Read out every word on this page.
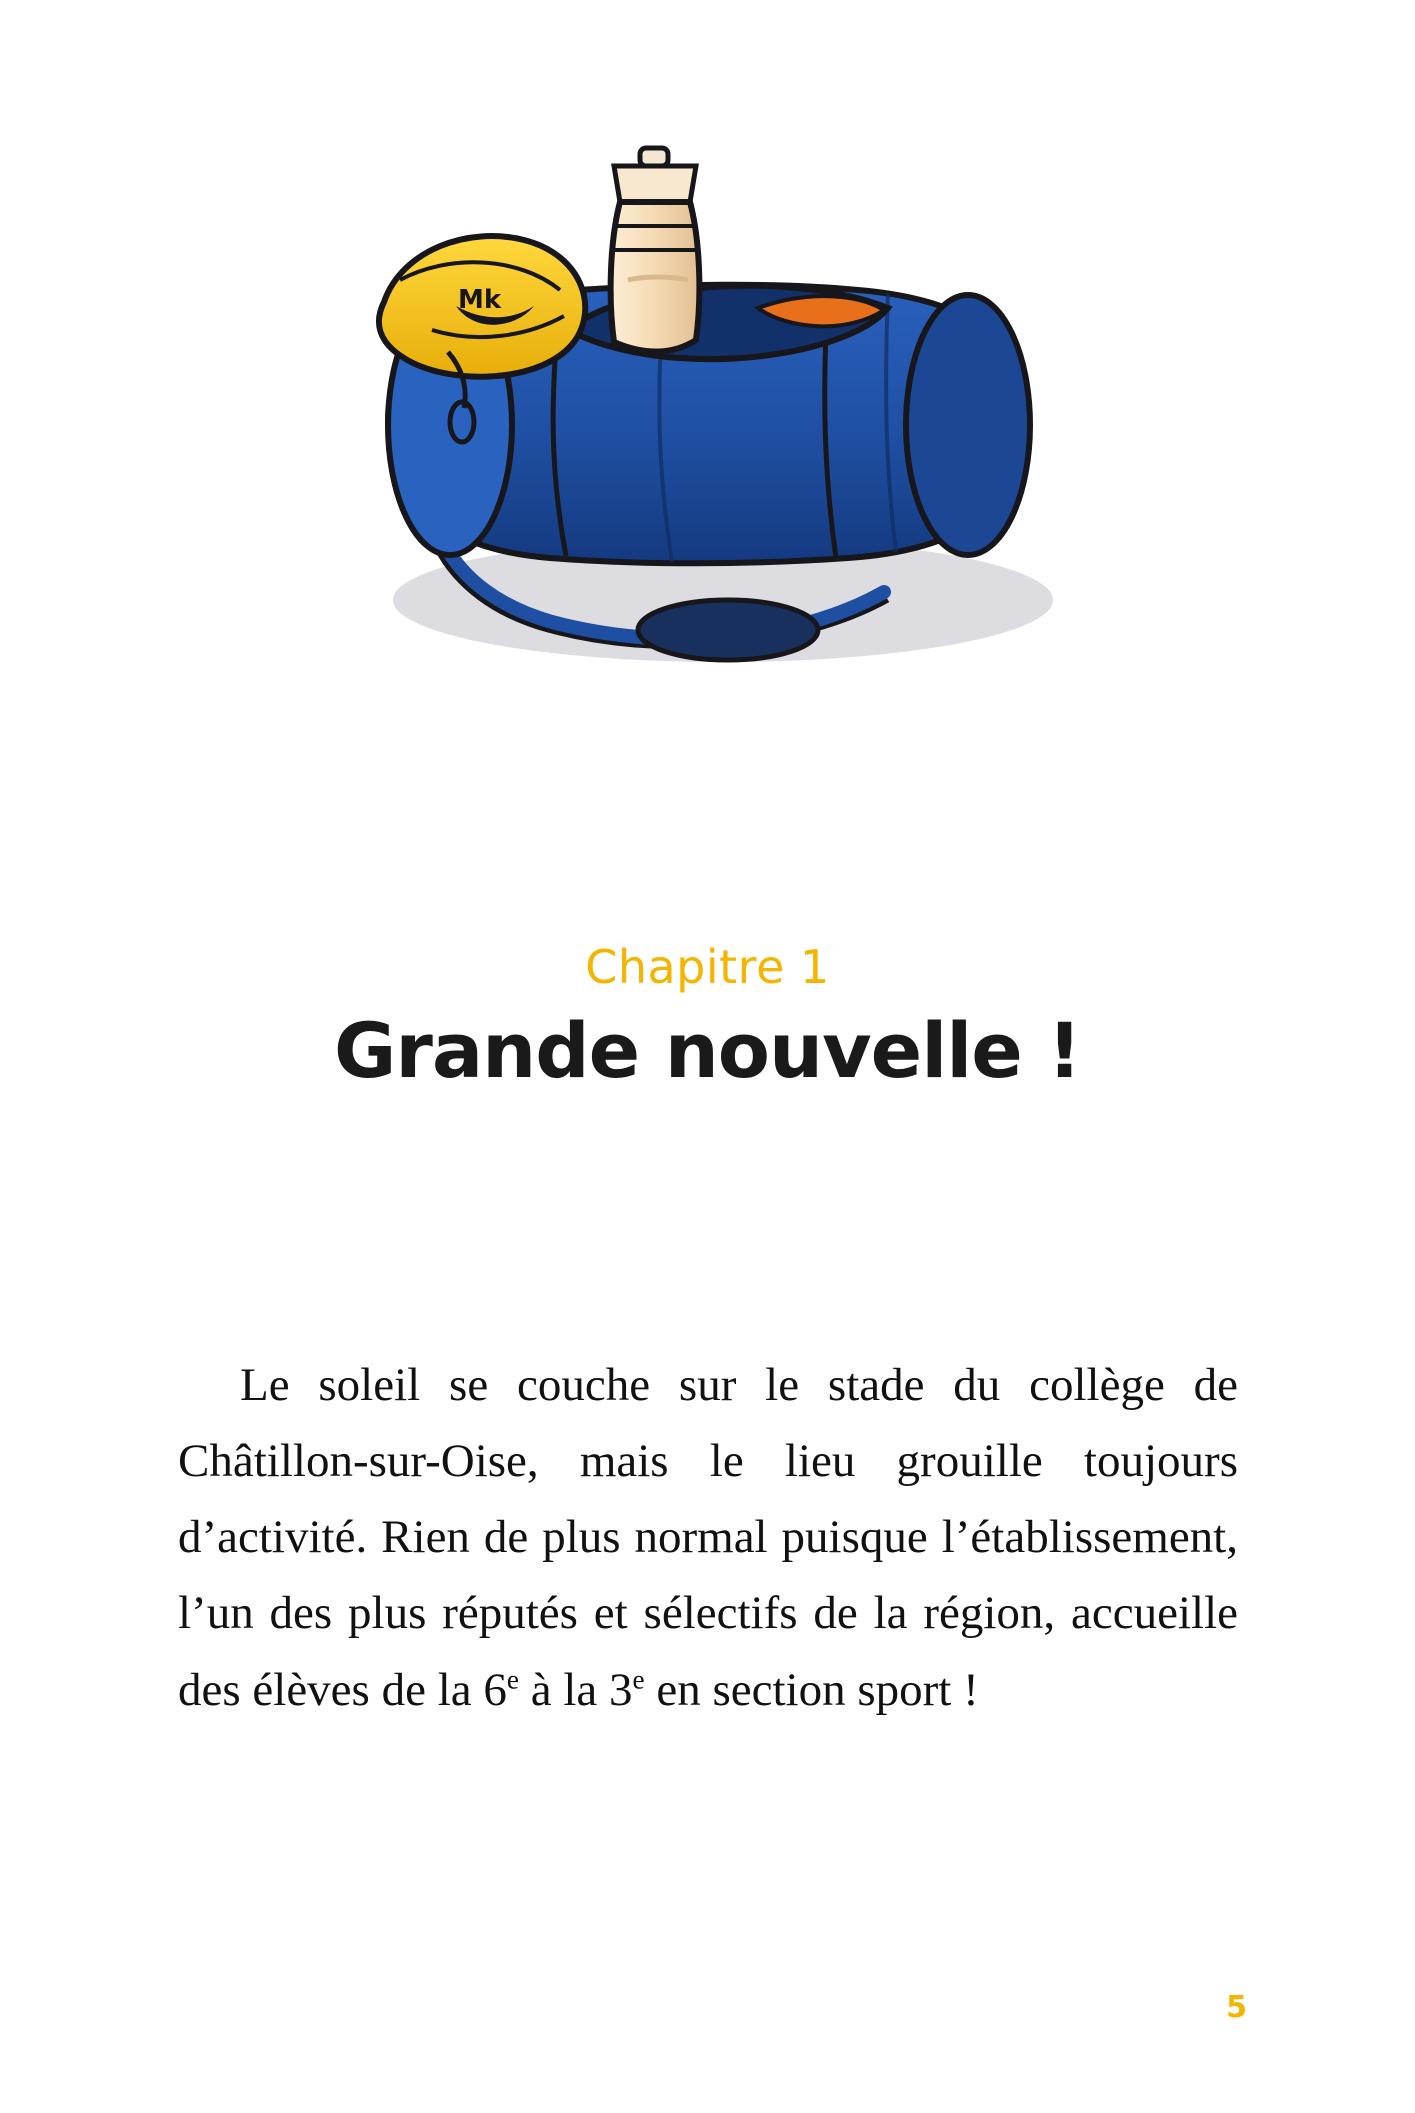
Mk
Chapitre 1
Grande nouvelle !

Le soleil se couche sur le stade du collège de Châtillon-sur-Oise, mais le lieu grouille toujours d’activité. Rien de plus normal puisque l’établissement, l’un des plus réputés et sélectifs de la région, accueille des élèves de la 6e à la 3e en section sport !

5
